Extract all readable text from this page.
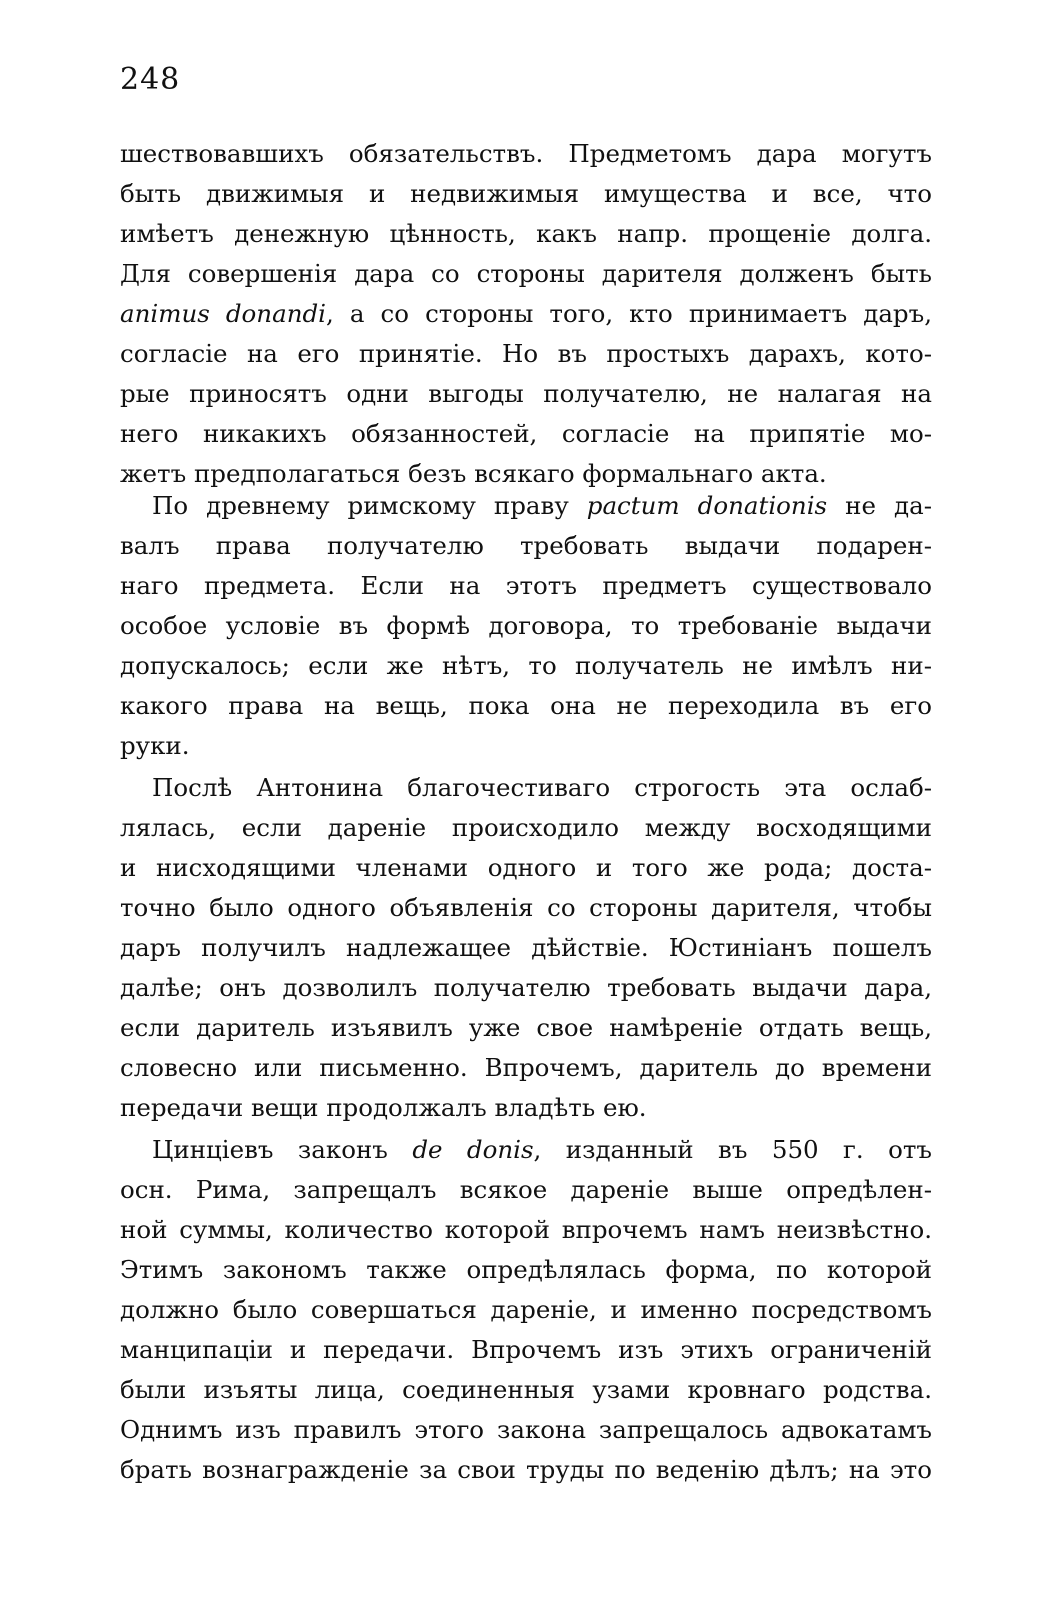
248
шествовавшихъ обязательствъ. Предметомъ дара могутъ
быть движимыя и недвижимыя имущества и все, что
имѣетъ денежную цѣнность, какъ напр. прощеніе долга.
Для совершенія дара со стороны дарителя долженъ быть
animus donandi, а со стороны того, кто принимаетъ даръ,
согласіе на его принятіе. Но въ простыхъ дарахъ, кото-
рые приносятъ одни выгоды получателю, не налагая на
него никакихъ обязанностей, согласіе на припятіе мо-
жетъ предполагаться безъ всякаго формальнаго акта.
По древнему римскому праву pactum donationis не да-
валъ права получателю требовать выдачи подарен-
наго предмета. Если на этотъ предметъ существовало
особое условіе въ формѣ договора, то требованіе выдачи
допускалось; если же нѣтъ, то получатель не имѣлъ ни-
какого права на вещь, пока она не переходила въ его
руки.
Послѣ Антонина благочестиваго строгость эта ослаб-
лялась, если дареніе происходило между восходящими
и нисходящими членами одного и того же рода; доста-
точно было одного объявленія со стороны дарителя, чтобы
даръ получилъ надлежащее дѣйствіе. Юстиніанъ пошелъ
далѣе; онъ дозволилъ получателю требовать выдачи дара,
если даритель изъявилъ уже свое намѣреніе отдать вещь,
словесно или письменно. Впрочемъ, даритель до времени
передачи вещи продолжалъ владѣть ею.
Цинціевъ законъ de donis, изданный въ 550 г. отъ
осн. Рима, запрещалъ всякое дареніе выше опредѣлен-
ной суммы, количество которой впрочемъ намъ неизвѣстно.
Этимъ закономъ также опредѣлялась форма, по которой
должно было совершаться дареніе, и именно посредствомъ
манципаціи и передачи. Впрочемъ изъ этихъ ограниченій
были изъяты лица, соединенныя узами кровнаго родства.
Однимъ изъ правилъ этого закона запрещалось адвокатамъ
брать вознагражденіе за свои труды по веденію дѣлъ; на это
